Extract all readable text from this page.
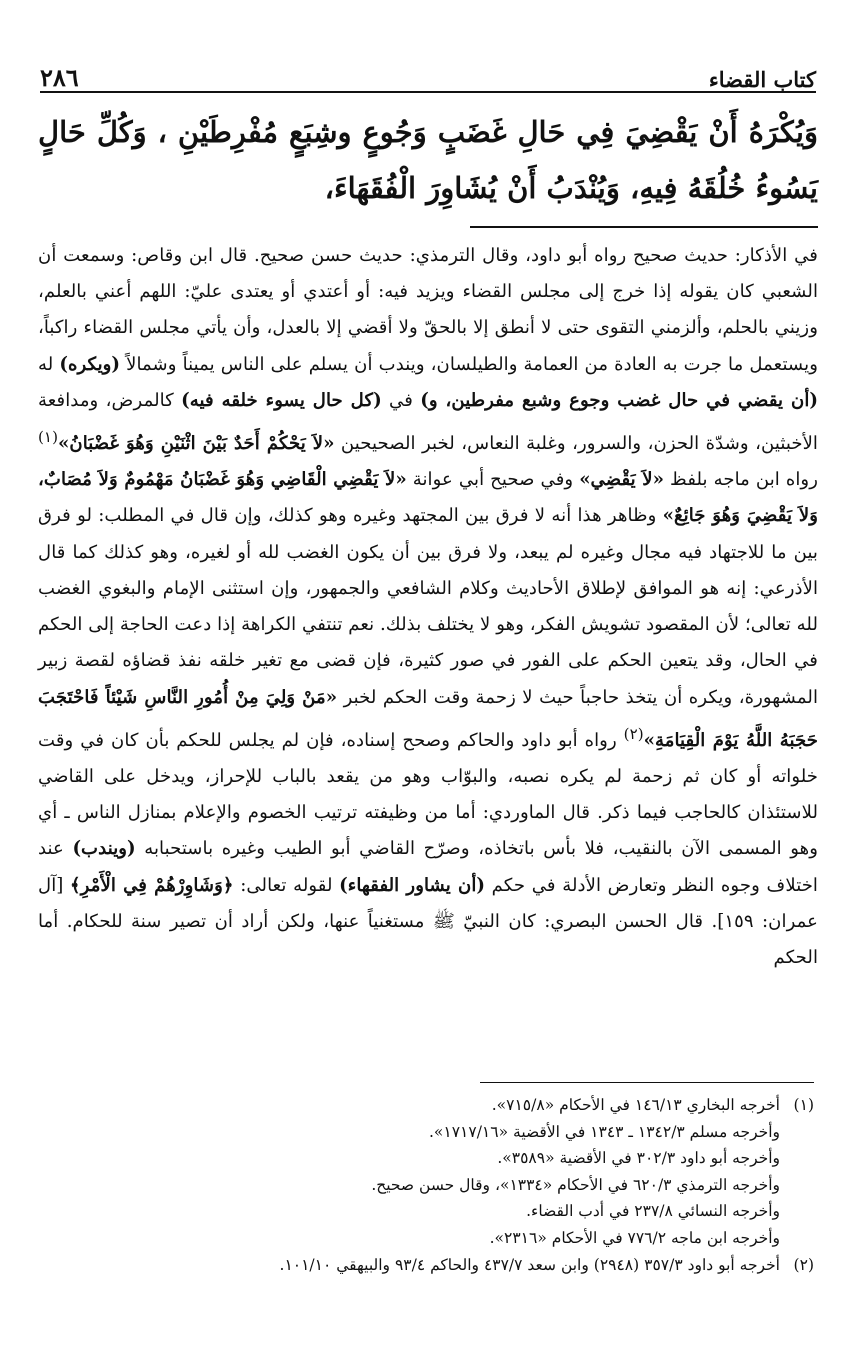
كتاب القضاء
٢٨٦
وَيُكْرَهُ أَنْ يَقْضِيَ فِي حَالِ غَضَبٍ وَجُوعٍ وشِبَعٍ مُفْرِطَيْنِ ، وَكُلِّ حَالٍ يَسُوءُ خُلُقَهُ فِيهِ، وَيُنْدَبُ أَنْ يُشَاوِرَ الْفُقَهَاءَ،

في الأذكار: حديث صحيح رواه أبو داود، وقال الترمذي: حديث حسن صحيح. قال ابن وقاص: وسمعت أن الشعبي كان يقوله إذا خرج إلى مجلس القضاء ويزيد فيه: أو أعتدي أو يعتدى عليّ: اللهم أعني بالعلم، وزيني بالحلم، وألزمني التقوى حتى لا أنطق إلا بالحقّ ولا أقضي إلا بالعدل، وأن يأتي مجلس القضاء راكباً، ويستعمل ما جرت به العادة من العمامة والطيلسان، ويندب أن يسلم على الناس يميناً وشمالاً (ويكره) له (أن يقضي في حال غضب وجوع وشبع مفرطين، و) في (كل حال يسوء خلقه فيه) كالمرض، ومدافعة الأخبثين، وشدّة الحزن، والسرور، وغلبة النعاس، لخبر الصحيحين «لاَ يَحْكُمْ أَحَدٌ بَيْنَ اثْنَيْنِ وَهُوَ غَضْبَانُ»$^{(١)}$ رواه ابن ماجه بلفظ «لاَ يَقْضِي» وفي صحيح أبي عوانة «لاَ يَقْضِي الْقَاضِي وَهُوَ غَضْبَانُ مَهْمُومٌ وَلاَ مُصَابٌ، وَلاَ يَقْضِيَ وَهُوَ جَائِعٌ» وظاهر هذا أنه لا فرق بين المجتهد وغيره وهو كذلك، وإن قال في المطلب: لو فرق بين ما للاجتهاد فيه مجال وغيره لم يبعد، ولا فرق بين أن يكون الغضب لله أو لغيره، وهو كذلك كما قال الأذرعي: إنه هو الموافق لإطلاق الأحاديث وكلام الشافعي والجمهور، وإن استثنى الإمام والبغوي الغضب لله تعالى؛ لأن المقصود تشويش الفكر، وهو لا يختلف بذلك. نعم تنتفي الكراهة إذا دعت الحاجة إلى الحكم في الحال، وقد يتعين الحكم على الفور في صور كثيرة، فإن قضى مع تغير خلقه نفذ قضاؤه لقصة زبير المشهورة، ويكره أن يتخذ حاجباً حيث لا زحمة وقت الحكم لخبر «مَنْ وَلِيَ مِنْ أُمُورِ النَّاسِ شَيْئاً فَاحْتَجَبَ حَجَبَهُ اللَّهُ يَوْمَ الْقِيَامَةِ»$^{(٢)}$ رواه أبو داود والحاكم وصحح إسناده، فإن لم يجلس للحكم بأن كان في وقت خلواته أو كان ثم زحمة لم يكره نصبه، والبوّاب وهو من يقعد بالباب للإحراز، ويدخل على القاضي للاستئذان كالحاجب فيما ذكر. قال الماوردي: أما من وظيفته ترتيب الخصوم والإعلام بمنازل الناس ـ أي وهو المسمى الآن بالنقيب، فلا بأس باتخاذه، وصرّح القاضي أبو الطيب وغيره باستحبابه (ويندب) عند اختلاف وجوه النظر وتعارض الأدلة في حكم (أن يشاور الفقهاء) لقوله تعالى: ﴿وَشَاوِرْهُمْ فِي الْأَمْرِ﴾ [آل عمران: ١٥٩]. قال الحسن البصري: كان النبيّ ﷺ مستغنياً عنها، ولكن أراد أن تصير سنة للحكام. أما الحكم

(١)
أخرجه البخاري ١٤٦/١٣ في الأحكام «٧١٥/٨».
وأخرجه مسلم ١٣٤٢/٣ ـ ١٣٤٣ في الأقضية «١٧١٧/١٦».
وأخرجه أبو داود ٣٠٢/٣ في الأقضية «٣٥٨٩».
وأخرجه الترمذي ٦٢٠/٣ في الأحكام «١٣٣٤»، وقال حسن صحيح.
وأخرجه النسائي ٢٣٧/٨ في أدب القضاء.
وأخرجه ابن ماجه ٧٧٦/٢ في الأحكام «٢٣١٦».
(٢)
أخرجه أبو داود ٣٥٧/٣ (٢٩٤٨) وابن سعد ٤٣٧/٧ والحاكم ٩٣/٤ والبيهقي ١٠١/١٠.
